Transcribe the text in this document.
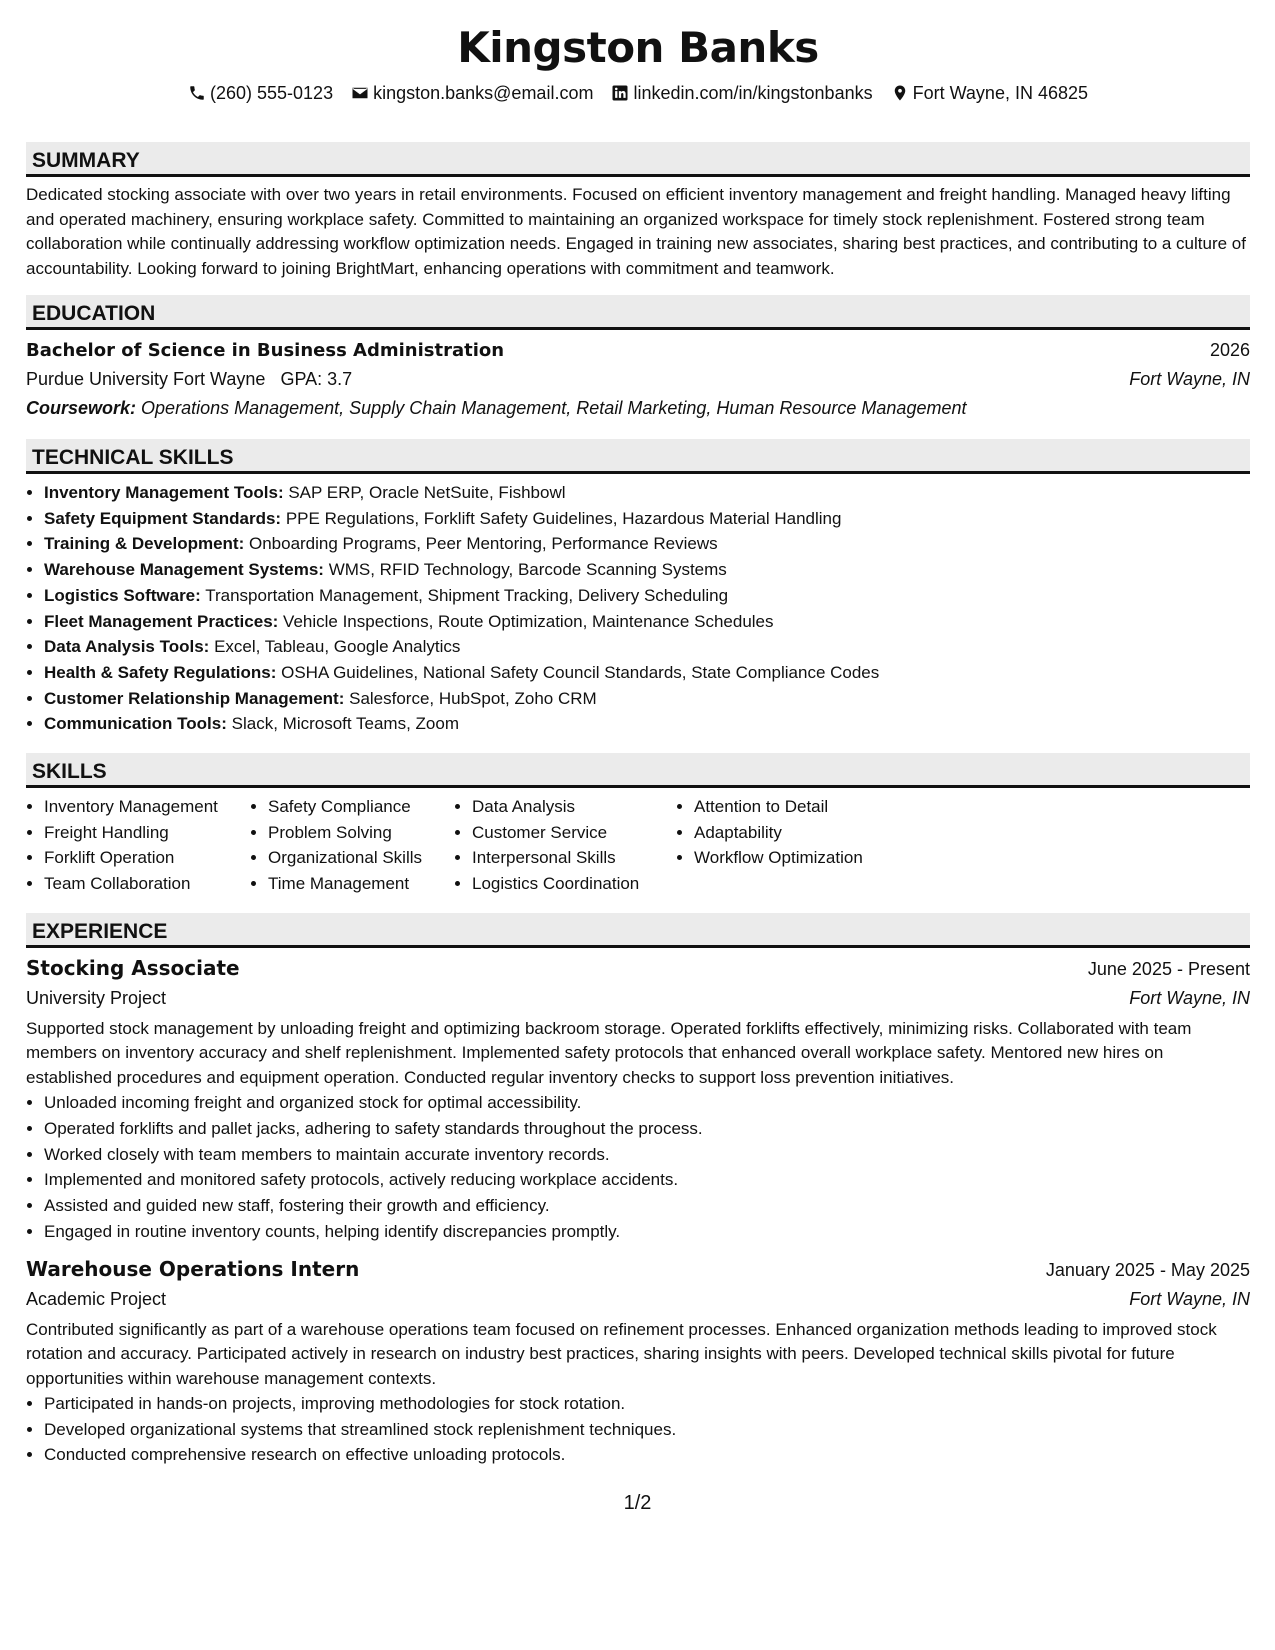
Kingston Banks
(260) 555-0123 kingston.banks@email.com linkedin.com/in/kingstonbanks Fort Wayne, IN 46825
SUMMARY

Dedicated stocking associate with over two years in retail environments. Focused on efficient inventory management and freight handling. Managed heavy lifting and operated machinery, ensuring workplace safety. Committed to maintaining an organized workspace for timely stock replenishment. Fostered strong team collaboration while continually addressing workflow optimization needs. Engaged in training new associates, sharing best practices, and contributing to a culture of accountability. Looking forward to joining BrightMart, enhancing operations with commitment and teamwork.

EDUCATION
Bachelor of Science in Business Administration	2026
Purdue University Fort Wayne GPA: 3.7	Fort Wayne, IN
Coursework: Operations Management, Supply Chain Management, Retail Marketing, Human Resource Management
TECHNICAL SKILLS
• Inventory Management Tools: SAP ERP, Oracle NetSuite, Fishbowl
• Safety Equipment Standards: PPE Regulations, Forklift Safety Guidelines, Hazardous Material Handling
• Training & Development: Onboarding Programs, Peer Mentoring, Performance Reviews
• Warehouse Management Systems: WMS, RFID Technology, Barcode Scanning Systems
• Logistics Software: Transportation Management, Shipment Tracking, Delivery Scheduling
• Fleet Management Practices: Vehicle Inspections, Route Optimization, Maintenance Schedules
• Data Analysis Tools: Excel, Tableau, Google Analytics
• Health & Safety Regulations: OSHA Guidelines, National Safety Council Standards, State Compliance Codes
• Customer Relationship Management: Salesforce, HubSpot, Zoho CRM
• Communication Tools: Slack, Microsoft Teams, Zoom
SKILLS
• Inventory Management
• Freight Handling
• Forklift Operation
• Team Collaboration
• Safety Compliance
• Problem Solving
• Organizational Skills
• Time Management
• Data Analysis
• Customer Service
• Interpersonal Skills
• Logistics Coordination
• Attention to Detail
• Adaptability
• Workflow Optimization
EXPERIENCE
Stocking Associate	June 2025 - Present
University Project	Fort Wayne, IN

Supported stock management by unloading freight and optimizing backroom storage. Operated forklifts effectively, minimizing risks. Collaborated with team members on inventory accuracy and shelf replenishment. Implemented safety protocols that enhanced overall workplace safety. Mentored new hires on established procedures and equipment operation. Conducted regular inventory checks to support loss prevention initiatives.

• Unloaded incoming freight and organized stock for optimal accessibility.
• Operated forklifts and pallet jacks, adhering to safety standards throughout the process.
• Worked closely with team members to maintain accurate inventory records.
• Implemented and monitored safety protocols, actively reducing workplace accidents.
• Assisted and guided new staff, fostering their growth and efficiency.
• Engaged in routine inventory counts, helping identify discrepancies promptly.
Warehouse Operations Intern	January 2025 - May 2025
Academic Project	Fort Wayne, IN

Contributed significantly as part of a warehouse operations team focused on refinement processes. Enhanced organization methods leading to improved stock rotation and accuracy. Participated actively in research on industry best practices, sharing insights with peers. Developed technical skills pivotal for future opportunities within warehouse management contexts.

• Participated in hands-on projects, improving methodologies for stock rotation.
• Developed organizational systems that streamlined stock replenishment techniques.
• Conducted comprehensive research on effective unloading protocols.
1/2
